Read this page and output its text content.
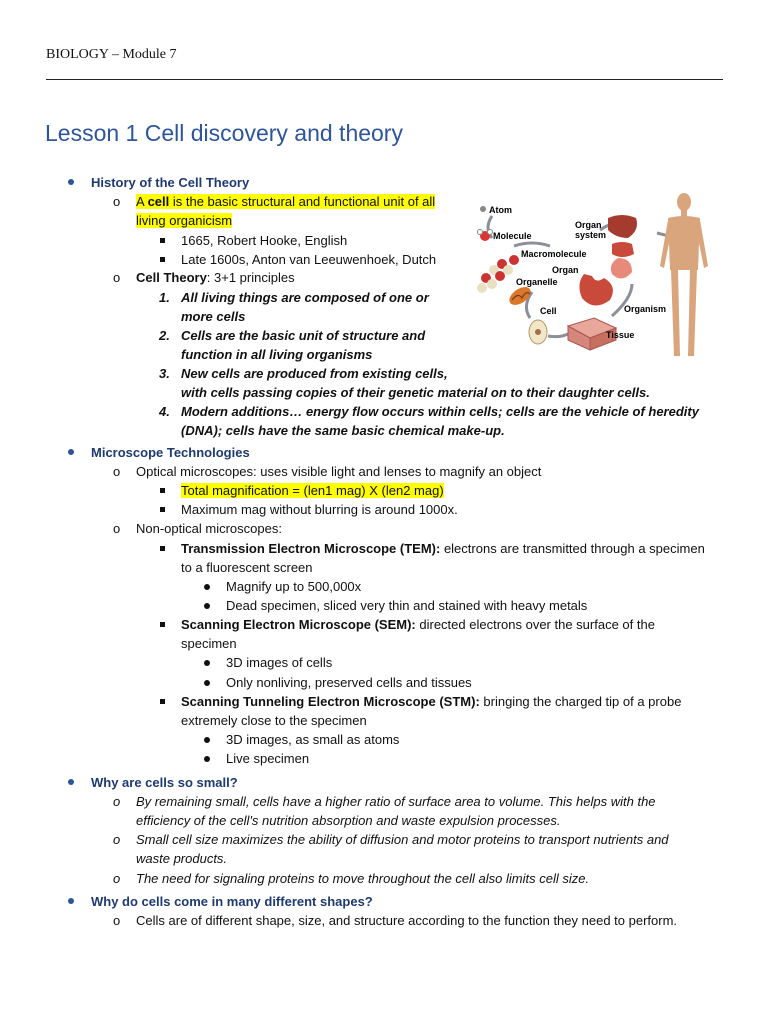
BIOLOGY – Module 7
Lesson 1 Cell discovery and theory
History of the Cell Theory
o A cell is the basic structural and functional unit of all
living organicism
1665, Robert Hooke, English
Late 1600s, Anton van Leeuwenhoek, Dutch
o Cell Theory: 3+1 principles
1. All living things are composed of one or
more cells
2. Cells are the basic unit of structure and
function in all living organisms
3. New cells are produced from existing cells,
with cells passing copies of their genetic material on to their daughter cells.
4. Modern additions… energy flow occurs within cells; cells are the vehicle of heredity
(DNA); cells have the same basic chemical make-up.
Atom
Molecule
Macromolecule
Organelle
Cell
Tissue
Organ
Organ
system
Organism
Microscope Technologies
o Optical microscopes: uses visible light and lenses to magnify an object
Total magnification = (len1 mag) X (len2 mag)
Maximum mag without blurring is around 1000x.
o Non-optical microscopes:
Transmission Electron Microscope (TEM): electrons are transmitted through a specimen
to a fluorescent screen
Magnify up to 500,000x
Dead specimen, sliced very thin and stained with heavy metals
Scanning Electron Microscope (SEM): directed electrons over the surface of the
specimen
3D images of cells
Only nonliving, preserved cells and tissues
Scanning Tunneling Electron Microscope (STM): bringing the charged tip of a probe
extremely close to the specimen
3D images, as small as atoms
Live specimen
Why are cells so small?
o By remaining small, cells have a higher ratio of surface area to volume. This helps with the
efficiency of the cell's nutrition absorption and waste expulsion processes.
o Small cell size maximizes the ability of diffusion and motor proteins to transport nutrients and
waste products.
o The need for signaling proteins to move throughout the cell also limits cell size.
Why do cells come in many different shapes?
o Cells are of different shape, size, and structure according to the function they need to perform.
